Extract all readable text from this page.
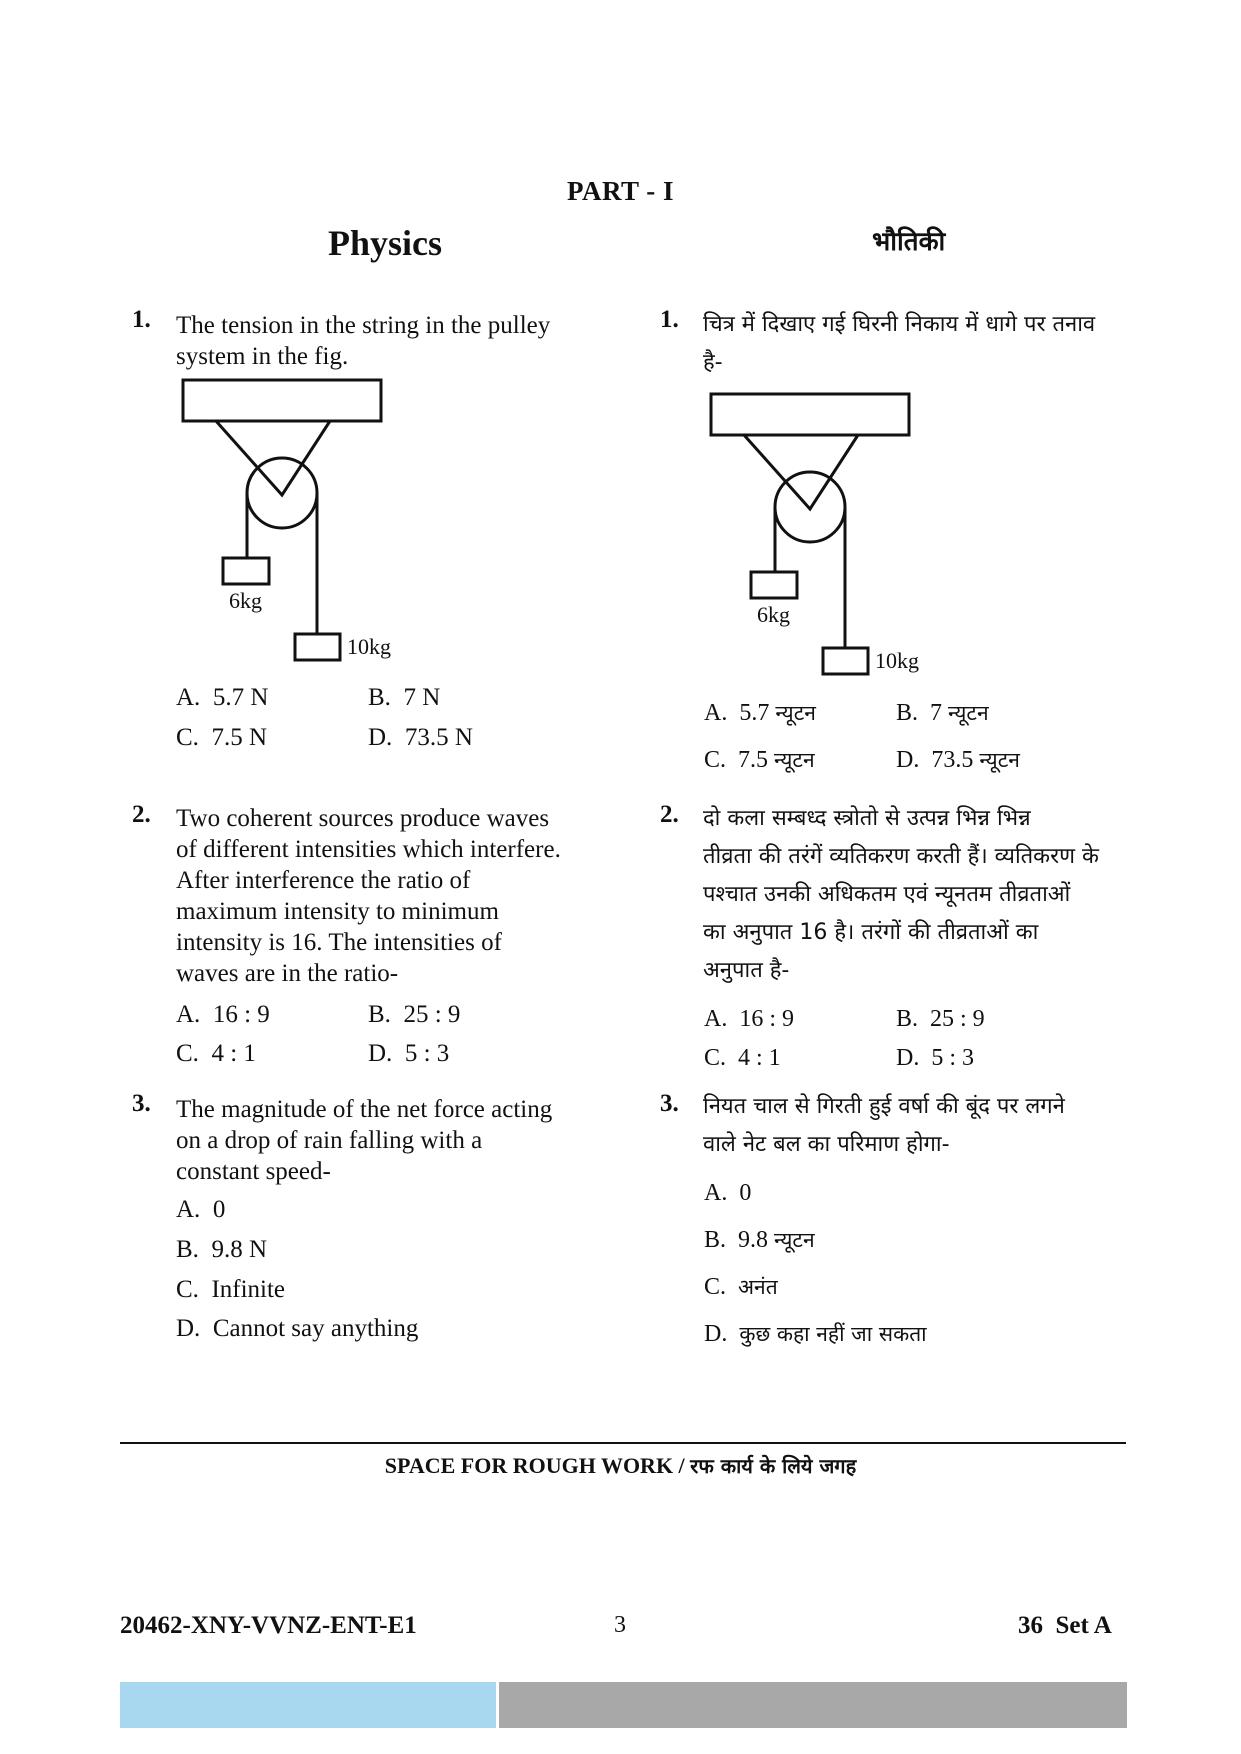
PART - I
Physics	भौतिकी
1. The tension in the string in the pulley
system in the fig.
6kg
10kg
A. 5.7 N	B. 7 N
C. 7.5 N	D. 73.5 N
2. Two coherent sources produce waves
of different intensities which interfere.
After interference the ratio of
maximum intensity to minimum
intensity is 16. The intensities of
waves are in the ratio-
A. 16 : 9	B. 25 : 9
C. 4 : 1	D. 5 : 3
3. The magnitude of the net force acting
on a drop of rain falling with a
constant speed-
A. 0
B. 9.8 N
C. Infinite
D. Cannot say anything
1. चित्र में दिखाए गई घिरनी निकाय में धागे पर तनाव
है-
6kg
10kg
A. 5.7 न्यूटन	B. 7 न्यूटन
C. 7.5 न्यूटन	D. 73.5 न्यूटन
2. दो कला सम्बध्द स्त्रोतो से उत्पन्न भिन्न भिन्न
तीव्रता की तरंगें व्यतिकरण करती हैं। व्यतिकरण के
पश्चात उनकी अधिकतम एवं न्यूनतम तीव्रताओं
का अनुपात 16 है। तरंगों की तीव्रताओं का
अनुपात है-
A. 16 : 9	B. 25 : 9
C. 4 : 1	D. 5 : 3
3. नियत चाल से गिरती हुई वर्षा की बूंद पर लगने
वाले नेट बल का परिमाण होगा-
A. 0
B. 9.8 न्यूटन
C. अनंत
D. कुछ कहा नहीं जा सकता
SPACE FOR ROUGH WORK / रफ कार्य के लिये जगह
20462-XNY-VVNZ-ENT-E1	3	36 Set A
